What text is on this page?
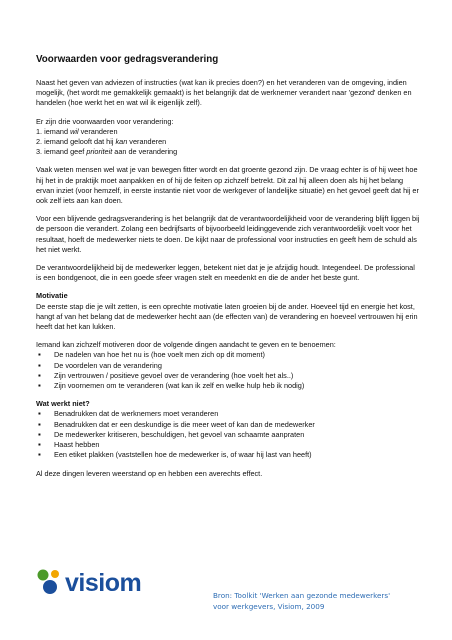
Voorwaarden voor gedragsverandering

Naast het geven van adviezen of instructies (wat kan ik precies doen?) en het veranderen van de omgeving, indien mogelijk, (het wordt me gemakkelijk gemaakt) is het belangrijk dat de werknemer verandert naar 'gezond' denken en handelen (hoe werkt het en wat wil ik eigenlijk zelf).

Er zijn drie voorwaarden voor verandering:
1. iemand wil veranderen
2. iemand gelooft dat hij kan veranderen
3. iemand geef prioriteit aan de verandering

Vaak weten mensen wel wat je van bewegen fitter wordt en dat groente gezond zijn. De vraag echter is of hij weet hoe hij het in de praktijk moet aanpakken en of hij de feiten op zichzelf betrekt. Dit zal hij alleen doen als hij het belang ervan inziet (voor hemzelf, in eerste instantie niet voor de werkgever of landelijke situatie) en het gevoel geeft dat hij er ook zelf iets aan kan doen.

Voor een blijvende gedragsverandering is het belangrijk dat de verantwoordelijkheid voor de verandering blijft liggen bij de persoon die verandert. Zolang een bedrijfsarts of bijvoorbeeld leidinggevende zich verantwoordelijk voelt voor het resultaat, hoeft de medewerker niets te doen. De kijkt naar de professional voor instructies en geeft hem de schuld als het niet werkt.

De verantwoordelijkheid bij de medewerker leggen, betekent niet dat je je afzijdig houdt. Integendeel. De professional is een bondgenoot, die in een goede sfeer vragen stelt en meedenkt en die de ander het beste gunt.

Motivatie

De eerste stap die je wilt zetten, is een oprechte motivatie laten groeien bij de ander. Hoeveel tijd en energie het kost, hangt af van het belang dat de medewerker hecht aan (de effecten van) de verandering en hoeveel vertrouwen hij erin heeft dat het kan lukken.

Iemand kan zichzelf motiveren door de volgende dingen aandacht te geven en te benoemen:
▪ De nadelen van hoe het nu is (hoe voelt men zich op dit moment)
▪ De voordelen van de verandering
▪ Zijn vertrouwen / positieve gevoel over de verandering (hoe voelt het als..)
▪ Zijn voornemen om te veranderen (wat kan ik zelf en welke hulp heb ik nodig)
Wat werkt niet?
▪ Benadrukken dat de werknemers moet veranderen
▪ Benadrukken dat er een deskundige is die meer weet of kan dan de medewerker
▪ De medewerker kritiseren, beschuldigen, het gevoel van schaamte aanpraten
▪ Haast hebben
▪ Een etiket plakken (vaststellen hoe de medewerker is, of waar hij last van heeft)

Al deze dingen leveren weerstand op en hebben een averechts effect.

visiom	Bron: Toolkit 'Werken aan gezonde medewerkers'
voor werkgevers, Visiom, 2009
